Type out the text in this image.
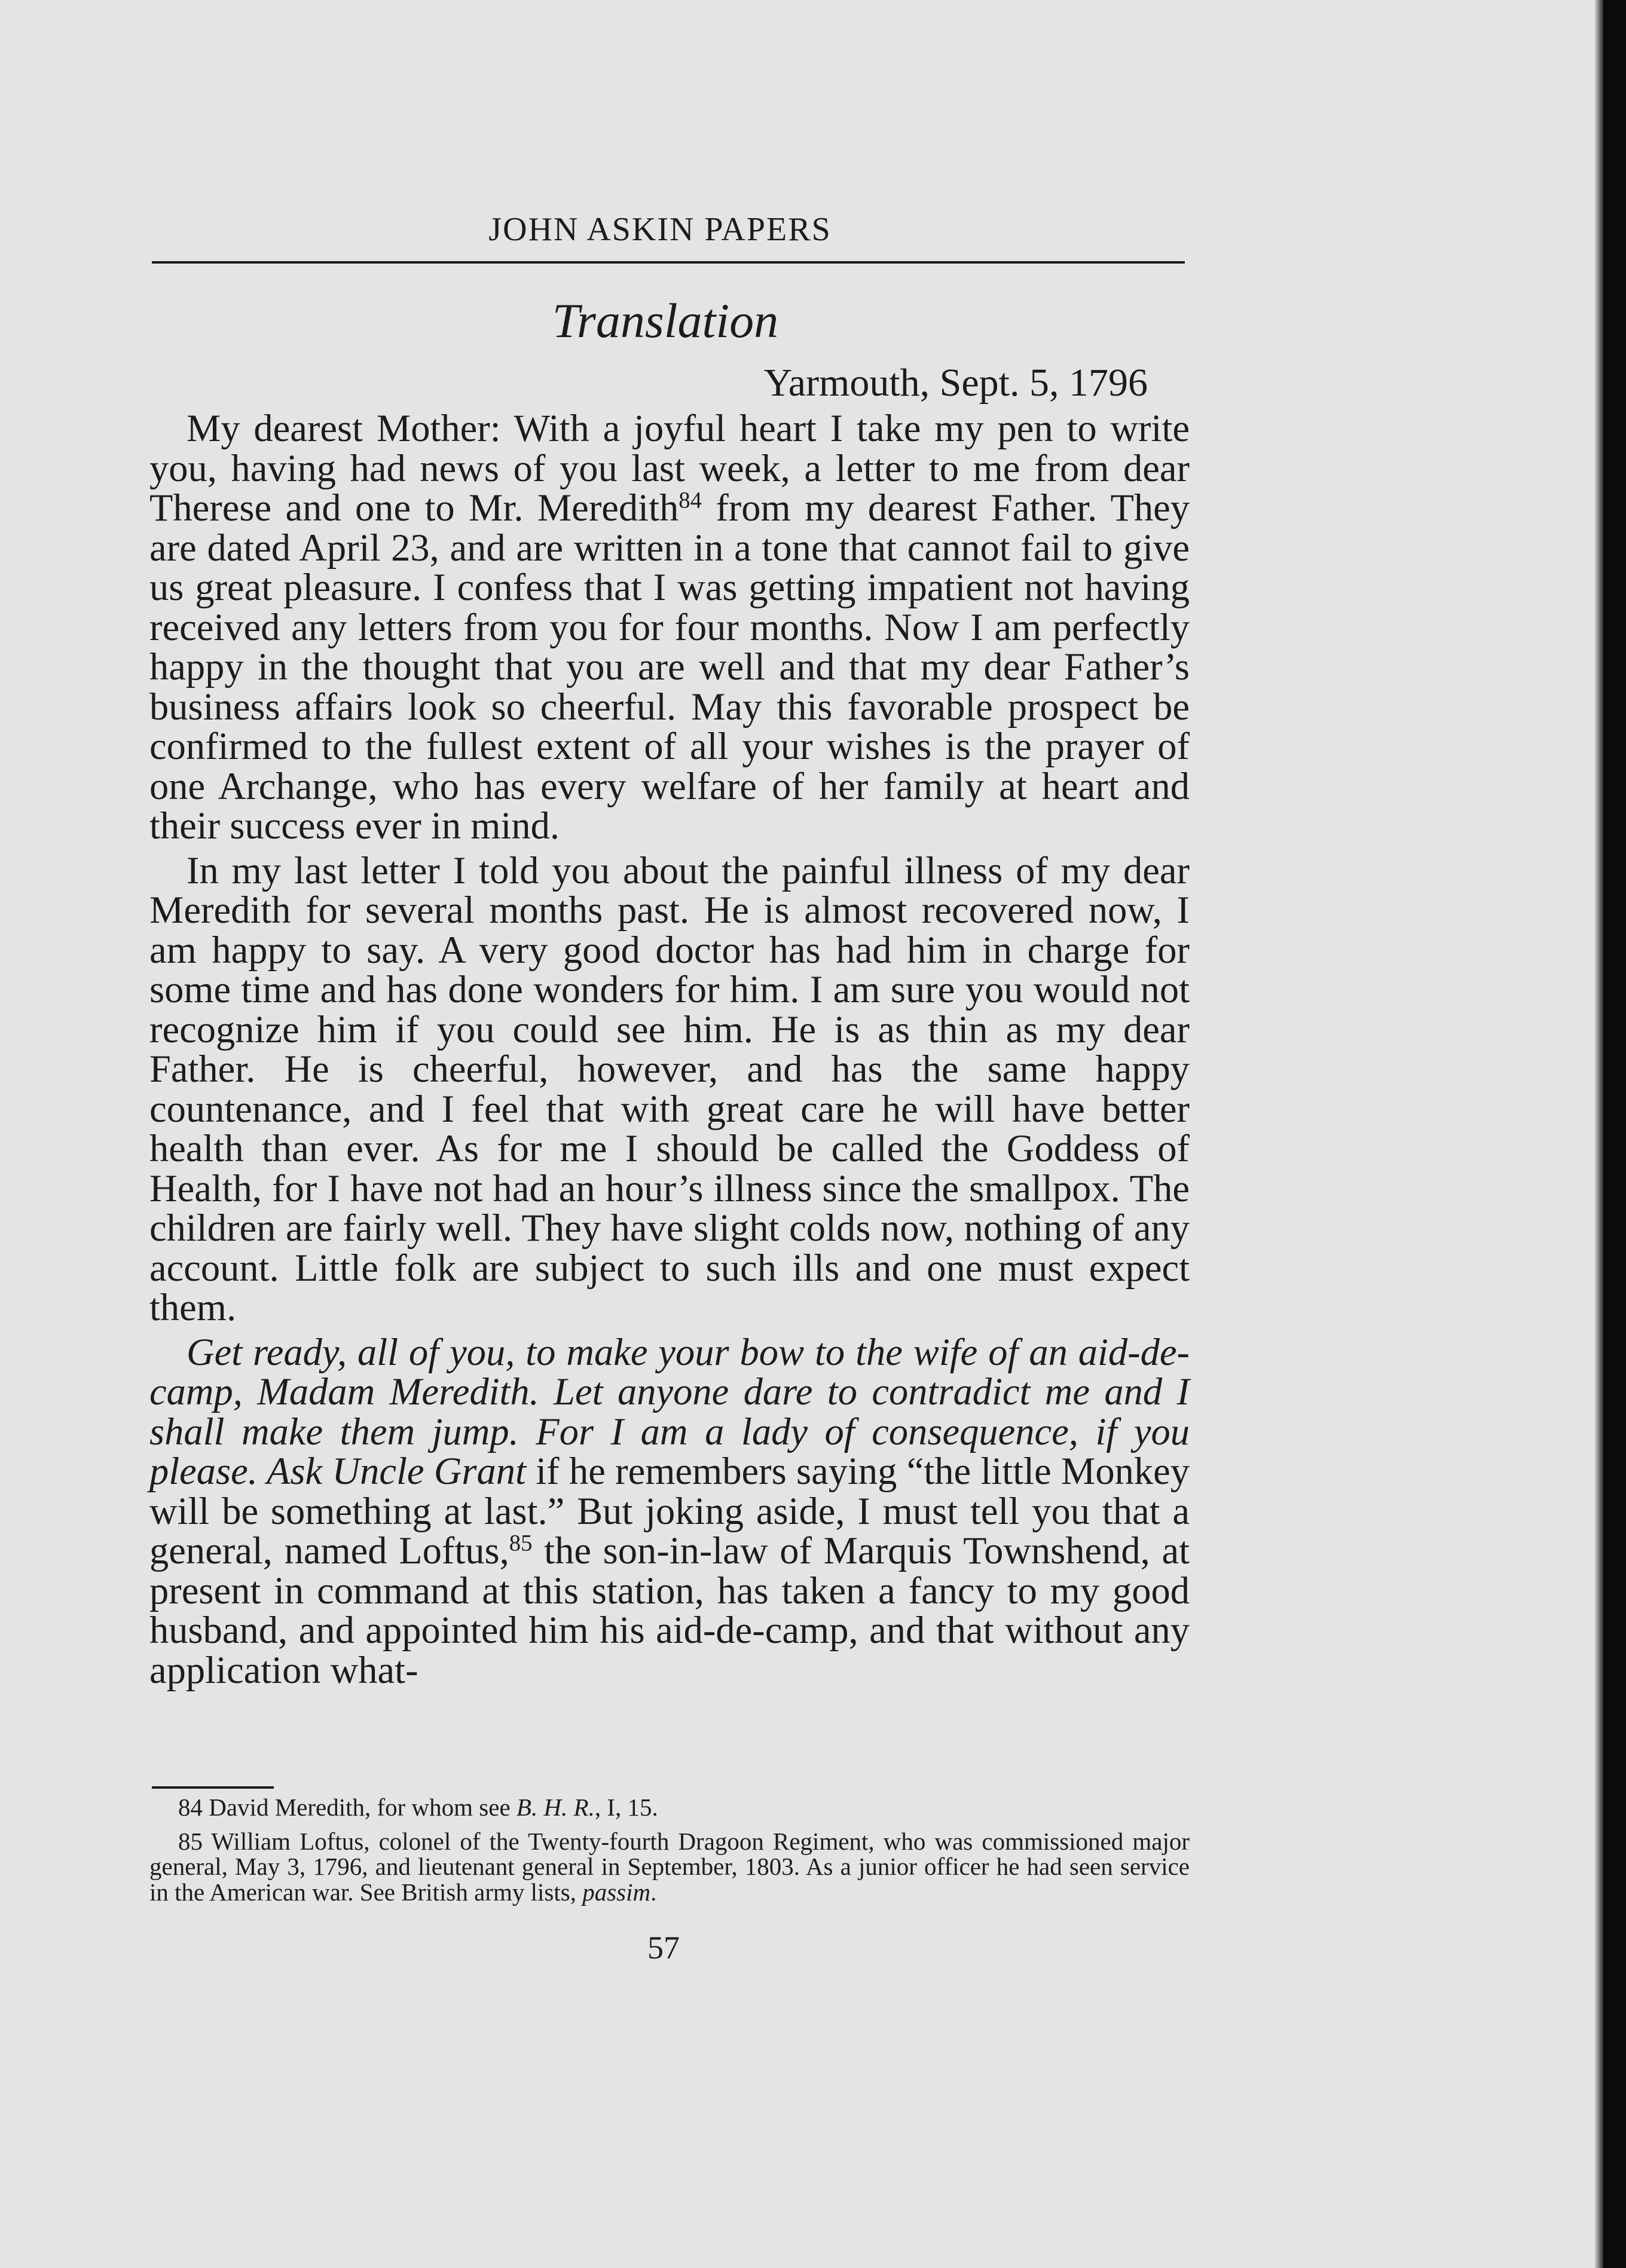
JOHN ASKIN PAPERS
Translation
Yarmouth, Sept. 5, 1796

My dearest Mother: With a joyful heart I take my pen to write you, having had news of you last week, a letter to me from dear Therese and one to Mr. Meredith$^{84}$ from my dearest Father. They are dated April 23, and are written in a tone that cannot fail to give us great pleasure. I confess that I was getting impatient not having received any letters from you for four months. Now I am perfectly happy in the thought that you are well and that my dear Father’s business affairs look so cheerful. May this favorable prospect be confirmed to the fullest extent of all your wishes is the prayer of one Archange, who has every welfare of her family at heart and their success ever in mind.

In my last letter I told you about the painful illness of my dear Meredith for several months past. He is almost recovered now, I am happy to say. A very good doctor has had him in charge for some time and has done wonders for him. I am sure you would not recognize him if you could see him. He is as thin as my dear Father. He is cheerful, however, and has the same happy countenance, and I feel that with great care he will have better health than ever. As for me I should be called the Goddess of Health, for I have not had an hour’s illness since the smallpox. The children are fairly well. They have slight colds now, nothing of any account. Little folk are subject to such ills and one must expect them.

Get ready, all of you, to make your bow to the wife of an aid-de-camp, Madam Meredith. Let anyone dare to contradict me and I shall make them jump. For I am a lady of consequence, if you please. Ask Uncle Grant if he remembers saying “the little Monkey will be something at last.” But joking aside, I must tell you that a general, named Loftus,$^{85}$ the son-in-law of Marquis Townshend, at present in command at this station, has taken a fancy to my good husband, and appointed him his aid-de-camp, and that without any application what-

84 David Meredith, for whom see B. H. R., I, 15.

85 William Loftus, colonel of the Twenty-fourth Dragoon Regiment, who was commissioned major general, May 3, 1796, and lieutenant general in September, 1803. As a junior officer he had seen service in the American war. See British army lists, passim.

57
